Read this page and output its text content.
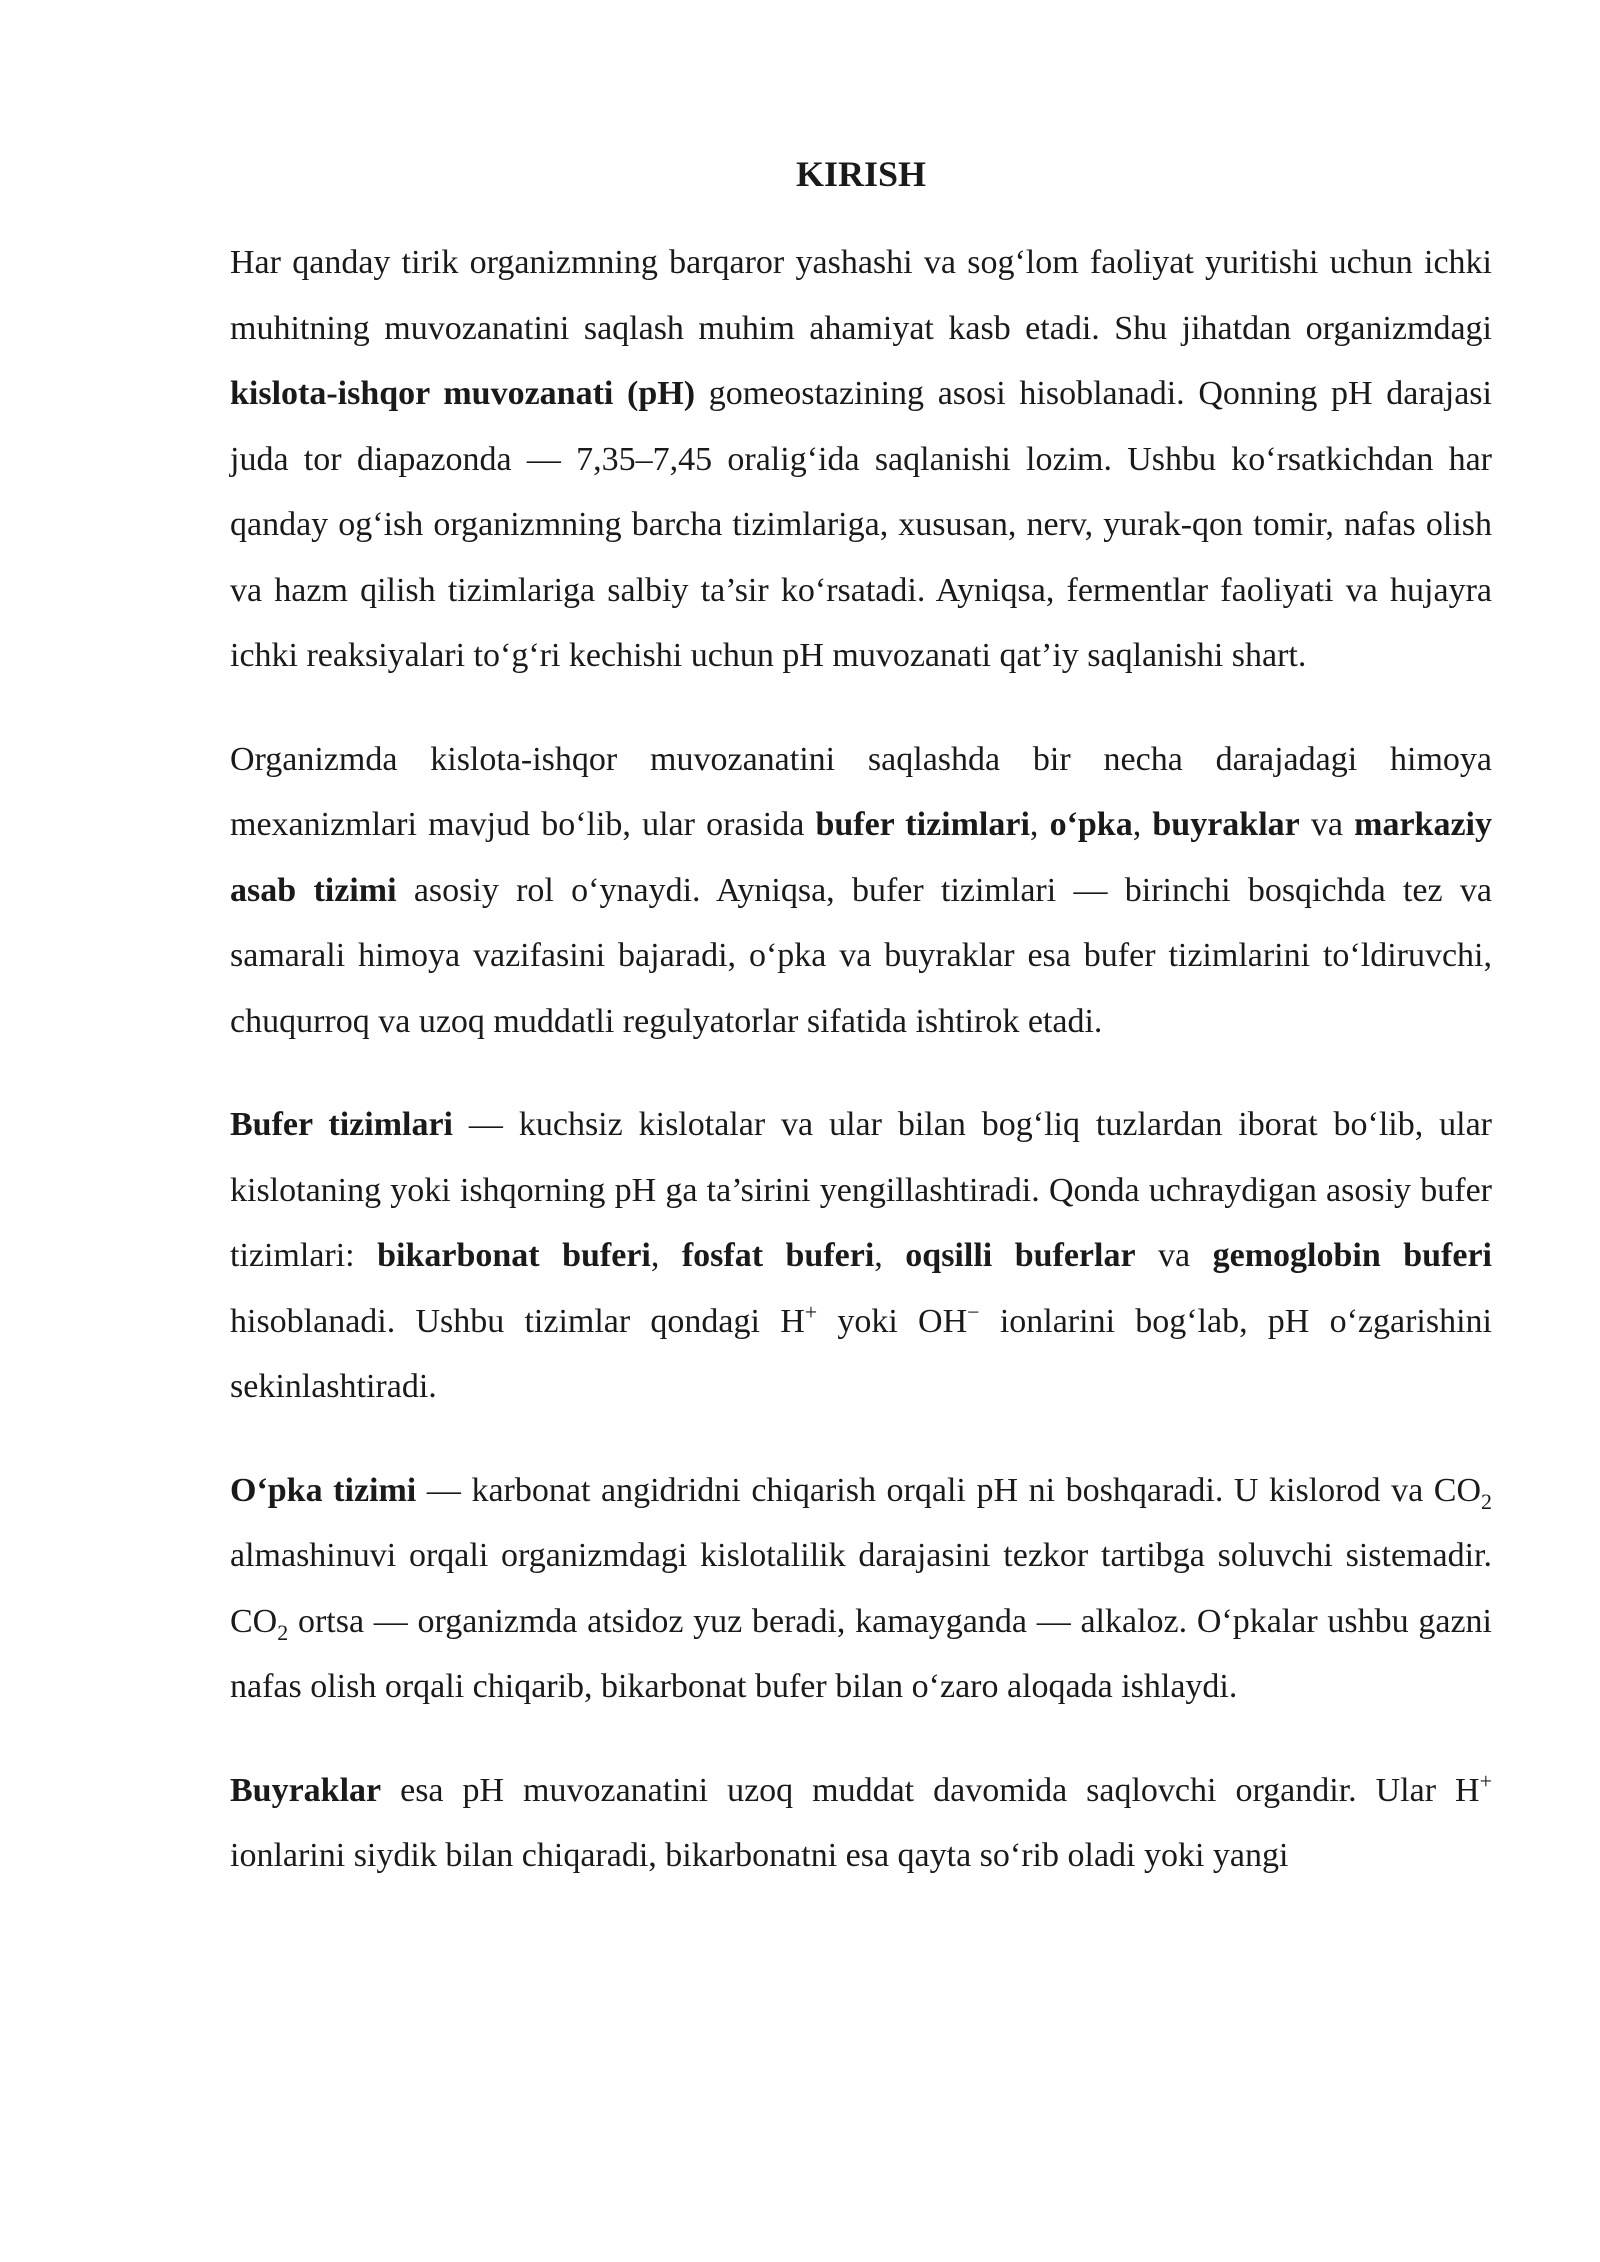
KIRISH

Har qanday tirik organizmning barqaror yashashi va sog‘lom faoliyat yuritishi uchun ichki muhitning muvozanatini saqlash muhim ahamiyat kasb etadi. Shu jihatdan organizmdagi kislota-ishqor muvozanati (pH) gomeostazining asosi hisoblanadi. Qonning pH darajasi juda tor diapazonda — 7,35–7,45 oralig‘ida saqlanishi lozim. Ushbu ko‘rsatkichdan har qanday og‘ish organizmning barcha tizimlariga, xususan, nerv, yurak-qon tomir, nafas olish va hazm qilish tizimlariga salbiy ta’sir ko‘rsatadi. Ayniqsa, fermentlar faoliyati va hujayra ichki reaksiyalari to‘g‘ri kechishi uchun pH muvozanati qat’iy saqlanishi shart.

Organizmda kislota-ishqor muvozanatini saqlashda bir necha darajadagi himoya mexanizmlari mavjud bo‘lib, ular orasida bufer tizimlari, o‘pka, buyraklar va markaziy asab tizimi asosiy rol o‘ynaydi. Ayniqsa, bufer tizimlari — birinchi bosqichda tez va samarali himoya vazifasini bajaradi, o‘pka va buyraklar esa bufer tizimlarini to‘ldiruvchi, chuqurroq va uzoq muddatli regulyatorlar sifatida ishtirok etadi.

Bufer tizimlari — kuchsiz kislotalar va ular bilan bog‘liq tuzlardan iborat bo‘lib, ular kislotaning yoki ishqorning pH ga ta’sirini yengillashtiradi. Qonda uchraydigan asosiy bufer tizimlari: bikarbonat buferi, fosfat buferi, oqsilli buferlar va gemoglobin buferi hisoblanadi. Ushbu tizimlar qondagi H+ yoki OH− ionlarini bog‘lab, pH o‘zgarishini sekinlashtiradi.

O‘pka tizimi — karbonat angidridni chiqarish orqali pH ni boshqaradi. U kislorod va $CO_2$ almashinuvi orqali organizmdagi kislotalilik darajasini tezkor tartibga soluvchi sistemadir. $CO_2$ ortsa — organizmda atsidoz yuz beradi, kamayganda — alkaloz. O‘pkalar ushbu gazni nafas olish orqali chiqarib, bikarbonat bufer bilan o‘zaro aloqada ishlaydi.

Buyraklar esa pH muvozanatini uzoq muddat davomida saqlovchi organdir. Ular H+ ionlarini siydik bilan chiqaradi, bikarbonatni esa qayta so‘rib oladi yoki yangi
